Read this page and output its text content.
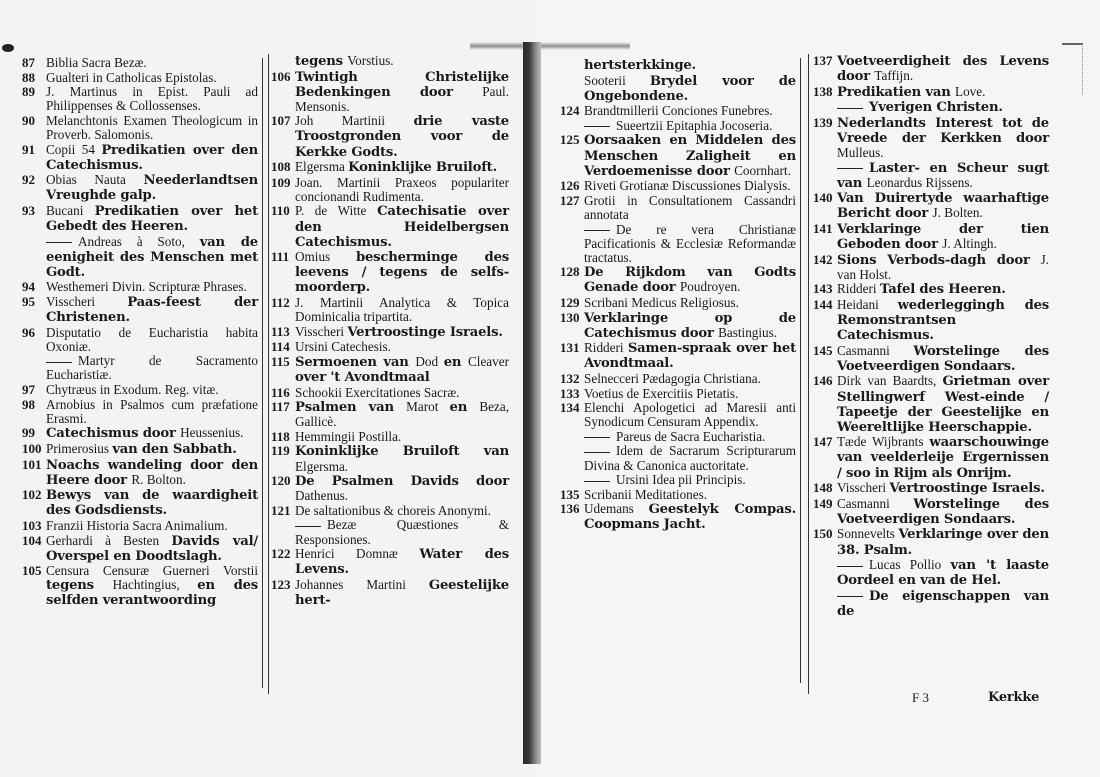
87 Biblia Sacra Bezæ.
88 Gualteri in Catholicas Epistolas.
89 J. Martinus in Epist. Pauli ad Philippenses & Collossenses.
90 Melanchtonis Examen Theologicum in Proverb. Salomonis.
91 Copii 54 Predikatien over den Catechismus.
92 Obias Nauta Neederlandtsen Vreughde galp.
93 Bucani Predikatien over het Gebedt des Heeren.
Andreas à Soto, van de eenigheit des Menschen met Godt.
94 Westhemeri Divin. Scripturæ Phrases.
95 Visscheri Paas-feest der Christenen.
96 Disputatio de Eucharistia habita Oxoniæ.
Martyr de Sacramento Eucharistiæ.
97 Chytræus in Exodum. Reg. vitæ.
98 Arnobius in Psalmos cum præfatione Erasmi.
99 Catechismus door Heussenius.
100 Primerosius van den Sabbath.
101 Noachs wandeling door den Heere door R. Bolton.
102 Bewys van de waardigheit des Godsdiensts.
103 Franzii Historia Sacra Animalium.
104 Gerhardi à Besten Davids val/ Overspel en Doodtslagh.
105 Censura Censuræ Guerneri Vorstii tegens Hachtingius, en des selfden verantwoording
tegens Vorstius.
106 Twintigh Christelijke Bedenkingen door Paul. Mensonis.
107 Joh Martinii drie vaste Troostgronden voor de Kerkke Godts.
108 Elgersma Koninklijke Bruiloft.
109 Joan. Martinii Praxeos populariter concionandi Rudimenta.
110 P. de Witte Catechisatie over den Heidelbergsen Catechismus.
111 Omius bescherminge des leevens / tegens de selfs-moorderp.
112 J. Martinii Analytica & Topica Dominicalia tripartita.
113 Visscheri Vertroostinge Israels.
114 Ursini Catechesis.
115 Sermoenen van Dod en Cleaver over 't Avondtmaal
116 Schookii Exercitationes Sacræ.
117 Psalmen van Marot en Beza, Gallicè.
118 Hemmingii Postilla.
119 Koninklijke Bruiloft van Elgersma.
120 De Psalmen Davids door Dathenus.
121 De saltationibus & choreis Anonymi.
Bezæ Quæstiones & Responsiones.
122 Henrici Domnæ Water des Levens.
123 Johannes Martini Geestelijke hert-
hertsterkkinge.
Sooterii Brydel voor de Ongebondene.
124 Brandtmillerii Conciones Funebres.
Sueertzii Epitaphia Jocoseria.
125 Oorsaaken en Middelen des Menschen Zaligheit en Verdoemenisse door Coornhart.
126 Riveti Grotianæ Discussiones Dialysis.
127 Grotii in Consultationem Cassandri annotata
De re vera Christianæ Pacificationis & Ecclesiæ Reformandæ tractatus.
128 De Rijkdom van Godts Genade door Poudroyen.
129 Scribani Medicus Religiosus.
130 Verklaringe op de Catechismus door Bastingius.
131 Ridderi Samen-spraak over het Avondtmaal.
132 Selnecceri Pædagogia Christiana.
133 Voetius de Exercitiis Pietatis.
134 Elenchi Apologetici ad Maresii anti Synodicum Censuram Appendix.
Pareus de Sacra Eucharistia.
Idem de Sacrarum Scripturarum Divina & Canonica auctoritate.
Ursini Idea pii Principis.
135 Scribanii Meditationes.
136 Udemans Geestelyk Compas. Coopmans Jacht.
137 Voetveerdigheit des Levens door Taffijn.
138 Predikatien van Love.
Yverigen Christen.
139 Nederlandts Interest tot de Vreede der Kerkken door Mulleus.
Laster- en Scheur sugt van Leonardus Rijssens.
140 Van Duirertyde waarhaftige Bericht door J. Bolten.
141 Verklaringe der tien Geboden door J. Altingh.
142 Sions Verbods-dagh door J. van Holst.
143 Ridderi Tafel des Heeren.
144 Heidani wederleggingh des Remonstrantsen Catechismus.
145 Casmanni Worstelinge des Voetveerdigen Sondaars.
146 Dirk van Baardts, Grietman over Stellingwerf West-einde / Tapeetje der Geestelijke en Weereltlijke Heerschappie.
147 Tæde Wijbrants waarschouwinge van veelderleije Ergernissen / soo in Rijm als Onrijm.
148 Visscheri Vertroostinge Israels.
149 Casmanni Worstelinge des Voetveerdigen Sondaars.
150 Sonnevelts Verklaringe over den 38. Psalm.
Lucas Pollio van 't laaste Oordeel en van de Hel.
De eigenschappen van de
F 3	Kerkke
